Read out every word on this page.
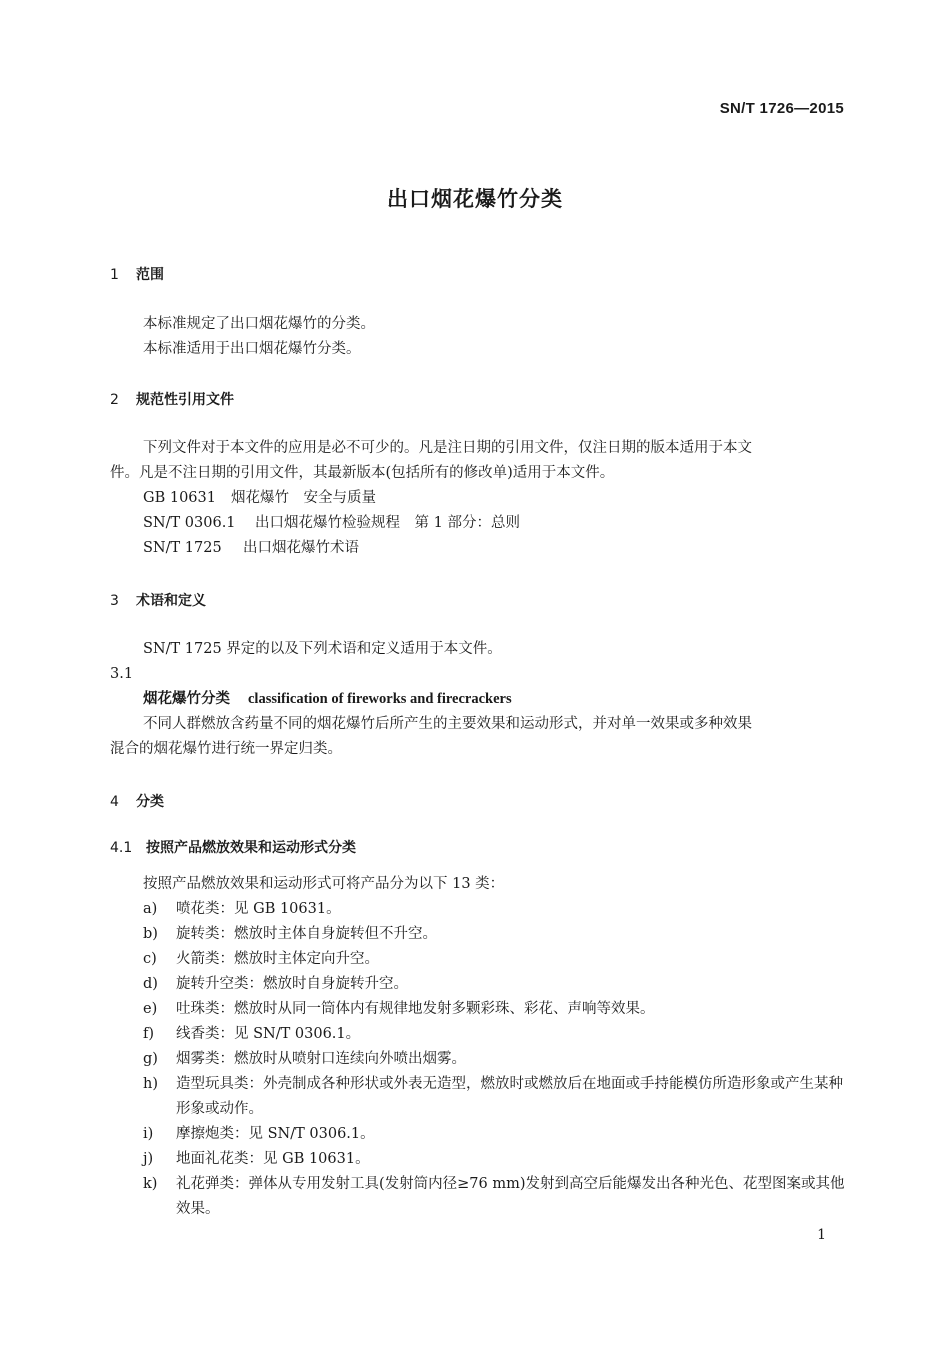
SN/T 1726—2015
出口烟花爆竹分类
1 范围
本标准规定了出口烟花爆竹的分类。
本标准适用于出口烟花爆竹分类。
2 规范性引用文件
下列文件对于本文件的应用是必不可少的。凡是注日期的引用文件，仅注日期的版本适用于本文
件。凡是不注日期的引用文件，其最新版本(包括所有的修改单)适用于本文件。
GB 10631 烟花爆竹　安全与质量
SN/T 0306.1 出口烟花爆竹检验规程　第 1 部分：总则
SN/T 1725 出口烟花爆竹术语
3 术语和定义
SN/T 1725 界定的以及下列术语和定义适用于本文件。
3.1
烟花爆竹分类 classification of fireworks and firecrackers
不同人群燃放含药量不同的烟花爆竹后所产生的主要效果和运动形式，并对单一效果或多种效果
混合的烟花爆竹进行统一界定归类。
4 分类
4.1 按照产品燃放效果和运动形式分类
按照产品燃放效果和运动形式可将产品分为以下 13 类：
a)	喷花类：见 GB 10631。
b)	旋转类：燃放时主体自身旋转但不升空。
c)	火箭类：燃放时主体定向升空。
d)	旋转升空类：燃放时自身旋转升空。
e)	吐珠类：燃放时从同一筒体内有规律地发射多颗彩珠、彩花、声响等效果。
f)	线香类：见 SN/T 0306.1。
g)	烟雾类：燃放时从喷射口连续向外喷出烟雾。
h)	造型玩具类：外壳制成各种形状或外表无造型，燃放时或燃放后在地面或手持能模仿所造形象或产生某种形象或动作。
i)	摩擦炮类：见 SN/T 0306.1。
j)	地面礼花类：见 GB 10631。
k)	礼花弹类：弹体从专用发射工具(发射筒内径≥76 mm)发射到高空后能爆发出各种光色、花型图案或其他效果。
1
